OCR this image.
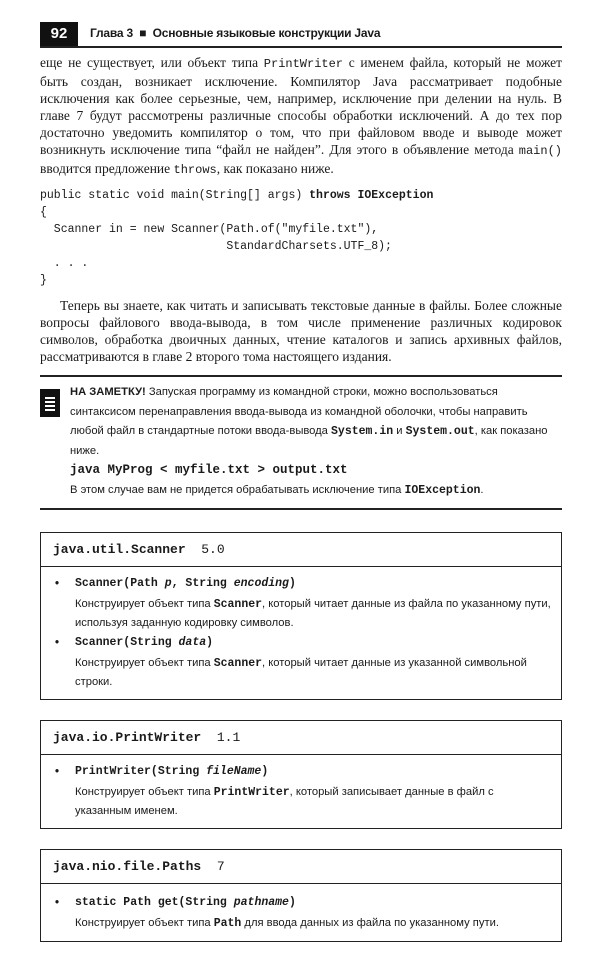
92	Глава 3 ■ Основные языковые конструкции Java
еще не существует, или объект типа PrintWriter с именем файла, который не может быть создан, возникает исключение. Компилятор Java рассматривает подобные исключения как более серьезные, чем, например, исключение при делении на нуль. В главе 7 будут рассмотрены различные способы обработки исключений. А до тех пор достаточно уведомить компилятор о том, что при файловом вводе и выводе может возникнуть исключение типа “файл не найден”. Для этого в объявление метода main() вводится предложение throws, как показано ниже.
public static void main(String[] args) throws IOException
{
Scanner in = new Scanner(Path.of("myfile.txt"),
StandardCharsets.UTF_8);
. . .
}
Теперь вы знаете, как читать и записывать текстовые данные в файлы. Более сложные вопросы файлового ввода-вывода, в том числе применение различных кодировок символов, обработка двоичных данных, чтение каталогов и запись архивных файлов, рассматриваются в главе 2 второго тома настоящего издания.
НА ЗАМЕТКУ! Запуская программу из командной строки, можно воспользоваться синтаксисом перенаправления ввода-вывода из командной оболочки, чтобы направить любой файл в стандартные потоки ввода-вывода System.in и System.out, как показано ниже.
java MyProg < myfile.txt > output.txt
В этом случае вам не придется обрабатывать исключение типа IOException.
java.util.Scanner 5.0
• Scanner(Path p, String encoding)
Конструирует объект типа Scanner, который читает данные из файла по указанному пути, используя заданную кодировку символов.
• Scanner(String data)
Конструирует объект типа Scanner, который читает данные из указанной символьной строки.
java.io.PrintWriter 1.1
• PrintWriter(String fileName)
Конструирует объект типа PrintWriter, который записывает данные в файл с указанным именем.
java.nio.file.Paths 7
• static Path get(String pathname)
Конструирует объект типа Path для ввода данных из файла по указанному пути.
